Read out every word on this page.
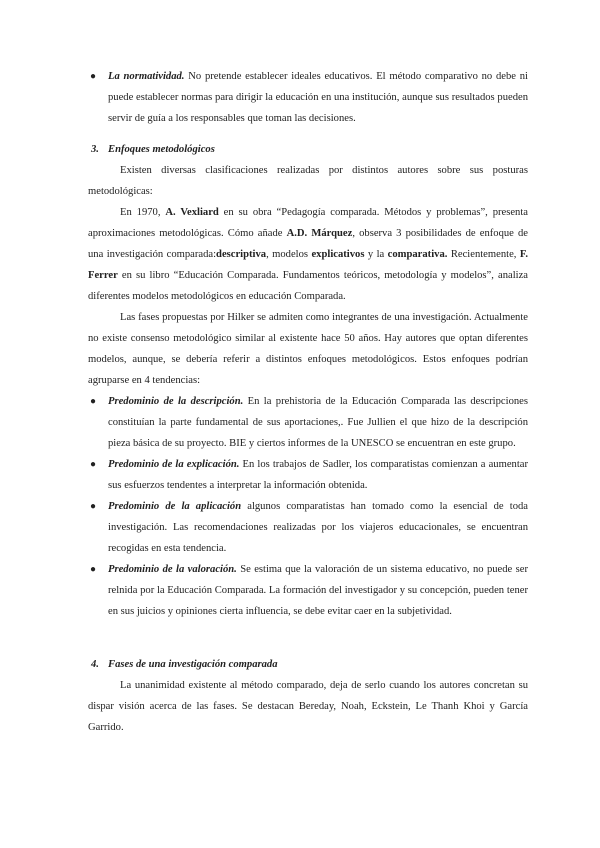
●	La normatividad. No pretende establecer ideales educativos. El método comparativo no debe ni puede establecer normas para dirigir la educación en una institución, aunque sus resultados pueden servir de guía a los responsables que toman las decisiones.
3. Enfoques metodológicos

Existen diversas clasificaciones realizadas por distintos autores sobre sus posturas metodológicas:

En 1970, A. Vexliard en su obra “Pedagogía comparada. Métodos y problemas”, presenta aproximaciones metodológicas. Cómo añade A.D. Márquez, observa 3 posibilidades de enfoque de una investigación comparada:descriptiva, modelos explicativos y la comparativa. Recientemente, F. Ferrer en su libro “Educación Comparada. Fundamentos teóricos, metodología y modelos”, analiza diferentes modelos metodológicos en educación Comparada.

Las fases propuestas por Hilker se admiten como integrantes de una investigación. Actualmente no existe consenso metodológico similar al existente hace 50 años. Hay autores que optan diferentes modelos, aunque, se debería referir a distintos enfoques metodológicos. Estos enfoques podrían agruparse en 4 tendencias:

●	Predominio de la descripción. En la prehistoria de la Educación Comparada las descripciones constituían la parte fundamental de sus aportaciones,. Fue Jullien el que hizo de la descripción pieza básica de su proyecto. BIE y ciertos informes de la UNESCO se encuentran en este grupo.
●	Predominio de la explicación. En los trabajos de Sadler, los comparatistas comienzan a aumentar sus esfuerzos tendentes a interpretar la información obtenida.
●	Predominio de la aplicación algunos comparatistas han tomado como la esencial de toda investigación. Las recomendaciones realizadas por los viajeros educacionales, se encuentran recogidas en esta tendencia.
●	Predominio de la valoración. Se estima que la valoración de un sistema educativo, no puede ser relnida por la Educación Comparada. La formación del investigador y su concepción, pueden tener en sus juicios y opiniones cierta influencia, se debe evitar caer en la subjetividad.
4. Fases de una investigación comparada

La unanimidad existente al método comparado, deja de serlo cuando los autores concretan su dispar visión acerca de las fases. Se destacan Bereday, Noah, Eckstein, Le Thanh Khoi y García Garrido.
